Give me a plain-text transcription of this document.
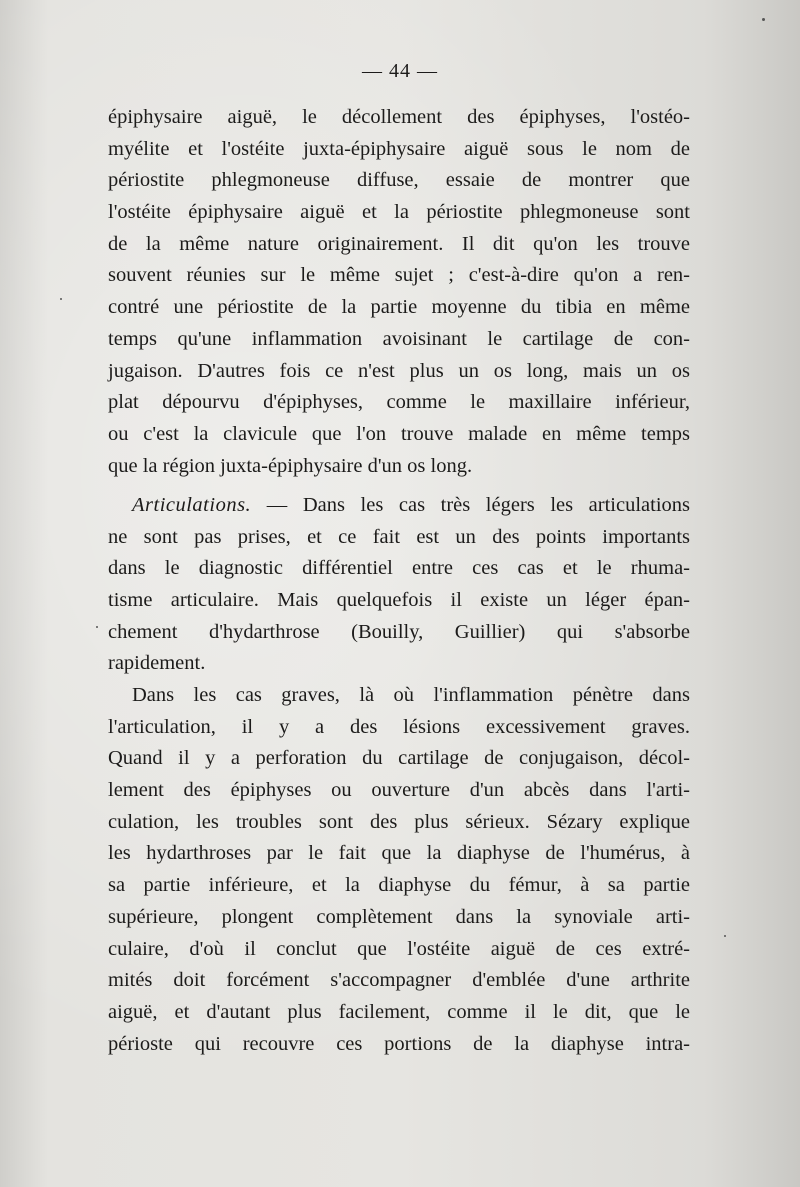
— 44 —
épiphysaire aiguë, le décollement des épiphyses, l'ostéo-
myélite et l'ostéite juxta-épiphysaire aiguë sous le nom de
périostite phlegmoneuse diffuse, essaie de montrer que
l'ostéite épiphysaire aiguë et la périostite phlegmoneuse sont
de la même nature originairement. Il dit qu'on les trouve
souvent réunies sur le même sujet ; c'est-à-dire qu'on a ren-
contré une périostite de la partie moyenne du tibia en même
temps qu'une inflammation avoisinant le cartilage de con-
jugaison. D'autres fois ce n'est plus un os long, mais un os
plat dépourvu d'épiphyses, comme le maxillaire inférieur,
ou c'est la clavicule que l'on trouve malade en même temps
que la région juxta-épiphysaire d'un os long.
Articulations. — Dans les cas très légers les articulations
ne sont pas prises, et ce fait est un des points importants
dans le diagnostic différentiel entre ces cas et le rhuma-
tisme articulaire. Mais quelquefois il existe un léger épan-
chement d'hydarthrose (Bouilly, Guillier) qui s'absorbe
rapidement.
Dans les cas graves, là où l'inflammation pénètre dans
l'articulation, il y a des lésions excessivement graves.
Quand il y a perforation du cartilage de conjugaison, décol-
lement des épiphyses ou ouverture d'un abcès dans l'arti-
culation, les troubles sont des plus sérieux. Sézary explique
les hydarthroses par le fait que la diaphyse de l'humérus, à
sa partie inférieure, et la diaphyse du fémur, à sa partie
supérieure, plongent complètement dans la synoviale arti-
culaire, d'où il conclut que l'ostéite aiguë de ces extré-
mités doit forcément s'accompagner d'emblée d'une arthrite
aiguë, et d'autant plus facilement, comme il le dit, que le
périoste qui recouvre ces portions de la diaphyse intra-
